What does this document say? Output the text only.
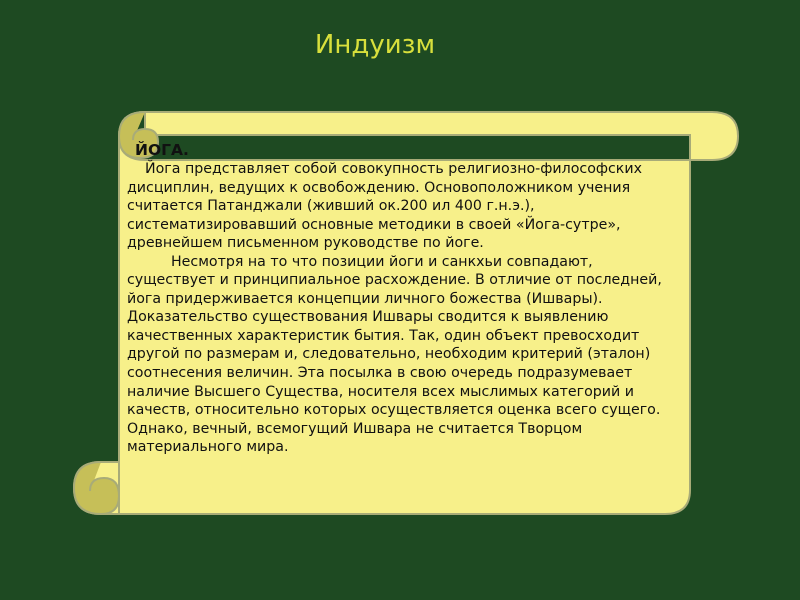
Индуизм
ЙОГА.

Йога представляет собой совокупность религиозно-философских дисциплин, ведущих к освобождению. Основоположником учения считается Патанджали (живший ок.200 ил 400 г.н.э.), систематизировавший основные методики в своей «Йога-сутре», древнейшем письменном руководстве по йоге.

Несмотря на то что позиции йоги и санкхьи совпадают, существует и принципиальное расхождение. В отличие от последней, йога придерживается концепции личного божества (Ишвары). Доказательство существования Ишвары сводится к выявлению качественных характеристик бытия. Так, один объект превосходит другой по размерам и, следовательно, необходим критерий (эталон) соотнесения величин. Эта посылка в свою очередь подразумевает наличие Высшего Существа, носителя всех мыслимых категорий и качеств, относительно которых осуществляется оценка всего сущего. Однако, вечный, всемогущий Ишвара не считается Творцом материального мира.
